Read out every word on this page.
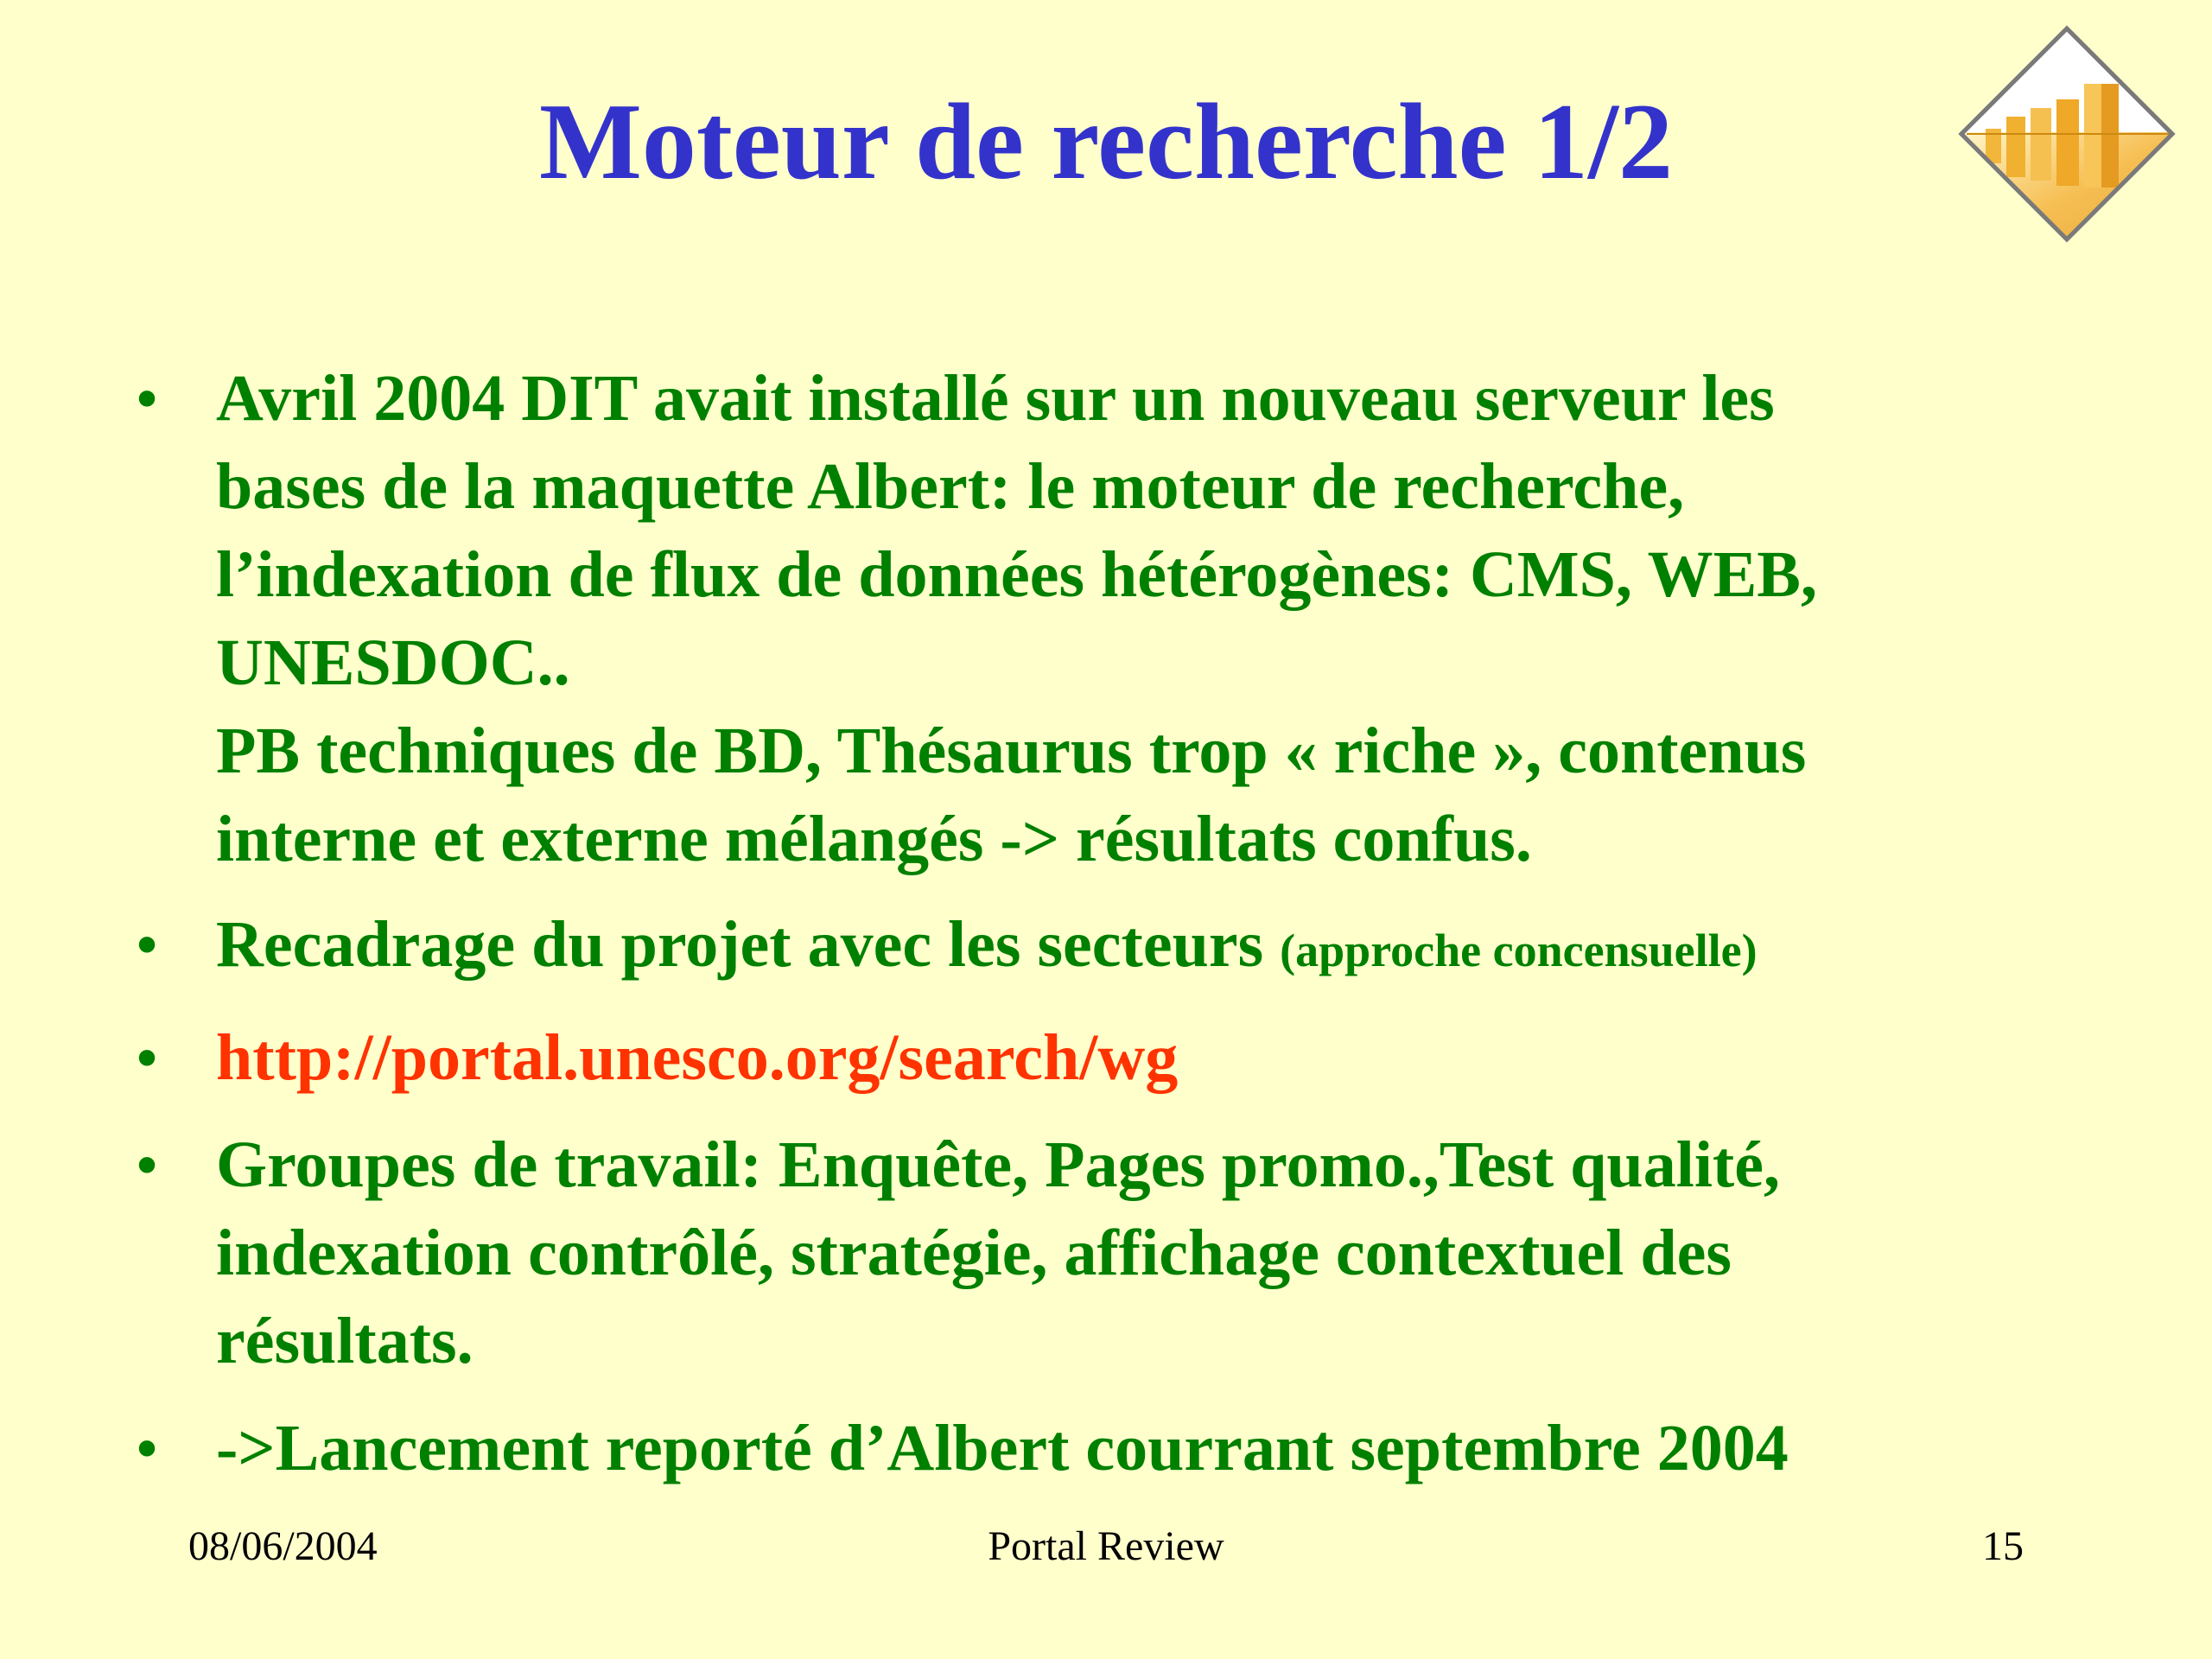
Moteur de recherche 1/2
• Avril 2004 DIT avait installé sur un nouveau serveur les
bases de la maquette Albert: le moteur de recherche,
l’indexation de flux de données hétérogènes: CMS, WEB,
UNESDOC..
PB techniques de BD, Thésaurus trop « riche », contenus
interne et externe mélangés -> résultats confus.
• Recadrage du projet avec les secteurs (approche concensuelle)
• http://portal.unesco.org/search/wg
• Groupes de travail: Enquête, Pages promo.,Test qualité,
indexation contrôlé, stratégie, affichage contextuel des
résultats.
• ->Lancement reporté d’Albert courrant septembre 2004
08/06/2004	Portal Review	15
